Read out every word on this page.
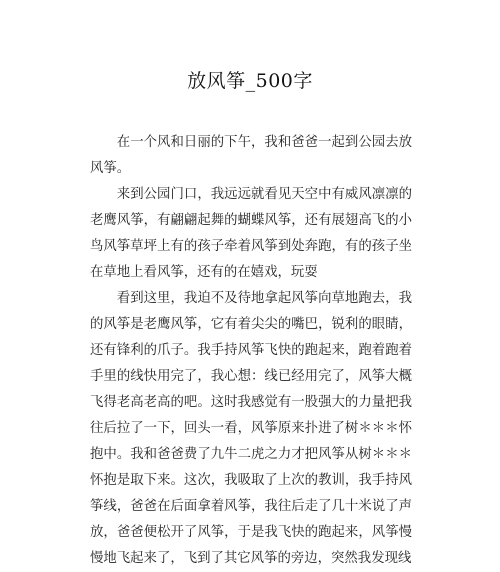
放风筝_500字

在一个风和日丽的下午，我和爸爸一起到公园去放风筝。

来到公园门口，我远远就看见天空中有威风凛凛的老鹰风筝，有翩翩起舞的蝴蝶风筝，还有展翅高飞的小鸟风筝草坪上有的孩子牵着风筝到处奔跑，有的孩子坐在草地上看风筝，还有的在嬉戏，玩耍

看到这里，我迫不及待地拿起风筝向草地跑去，我的风筝是老鹰风筝，它有着尖尖的嘴巴，锐利的眼睛，还有锋利的爪子。我手持风筝飞快的跑起来，跑着跑着手里的线快用完了，我心想：线已经用完了，风筝大概飞得老高老高的吧。这时我感觉有一股强大的力量把我往后拉了一下，回头一看，风筝原来扑进了树＊＊＊怀抱中。我和爸爸费了九牛二虎之力才把风筝从树＊＊＊怀抱是取下来。这次，我吸取了上次的教训，我手持风筝线，爸爸在后面拿着风筝，我往后走了几十米说了声放，爸爸便松开了风筝，于是我飞快的跑起来，风筝慢慢地飞起来了，飞到了其它风筝的旁边，突然我发现线
